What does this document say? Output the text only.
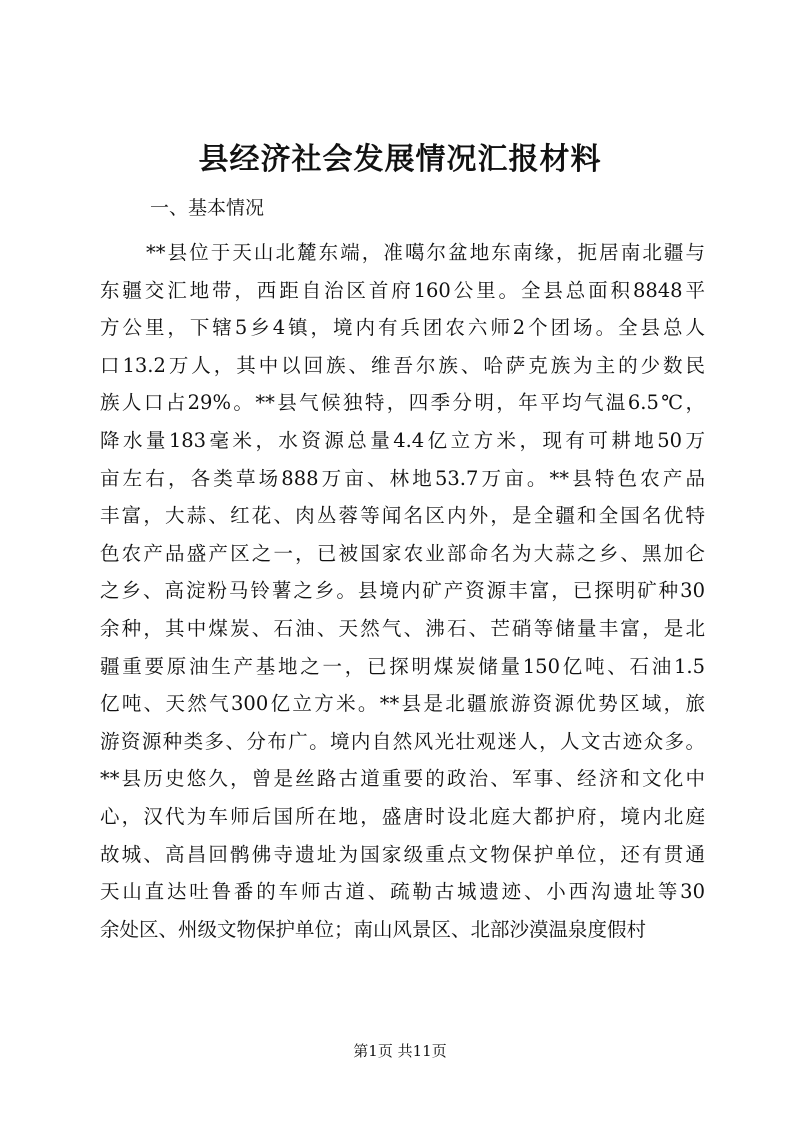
县经济社会发展情况汇报材料
一、基本情况
**县位于天山北麓东端，准噶尔盆地东南缘，扼居南北疆与
东疆交汇地带，西距自治区首府160公里。全县总面积8848平
方公里，下辖5乡4镇，境内有兵团农六师2个团场。全县总人
口13.2万人，其中以回族、维吾尔族、哈萨克族为主的少数民
族人口占29%。**县气候独特，四季分明，年平均气温6.5℃，
降水量183毫米，水资源总量4.4亿立方米，现有可耕地50万
亩左右，各类草场888万亩、林地53.7万亩。**县特色农产品
丰富，大蒜、红花、肉丛蓉等闻名区内外，是全疆和全国名优特
色农产品盛产区之一，已被国家农业部命名为大蒜之乡、黑加仑
之乡、高淀粉马铃薯之乡。县境内矿产资源丰富，已探明矿种30
余种，其中煤炭、石油、天然气、沸石、芒硝等储量丰富，是北
疆重要原油生产基地之一，已探明煤炭储量150亿吨、石油1.5
亿吨、天然气300亿立方米。**县是北疆旅游资源优势区域，旅
游资源种类多、分布广。境内自然风光壮观迷人，人文古迹众多。
**县历史悠久，曾是丝路古道重要的政治、军事、经济和文化中
心，汉代为车师后国所在地，盛唐时设北庭大都护府，境内北庭
故城、高昌回鹘佛寺遗址为国家级重点文物保护单位，还有贯通
天山直达吐鲁番的车师古道、疏勒古城遗迹、小西沟遗址等30
余处区、州级文物保护单位；南山风景区、北部沙漠温泉度假村
第1页 共11页
